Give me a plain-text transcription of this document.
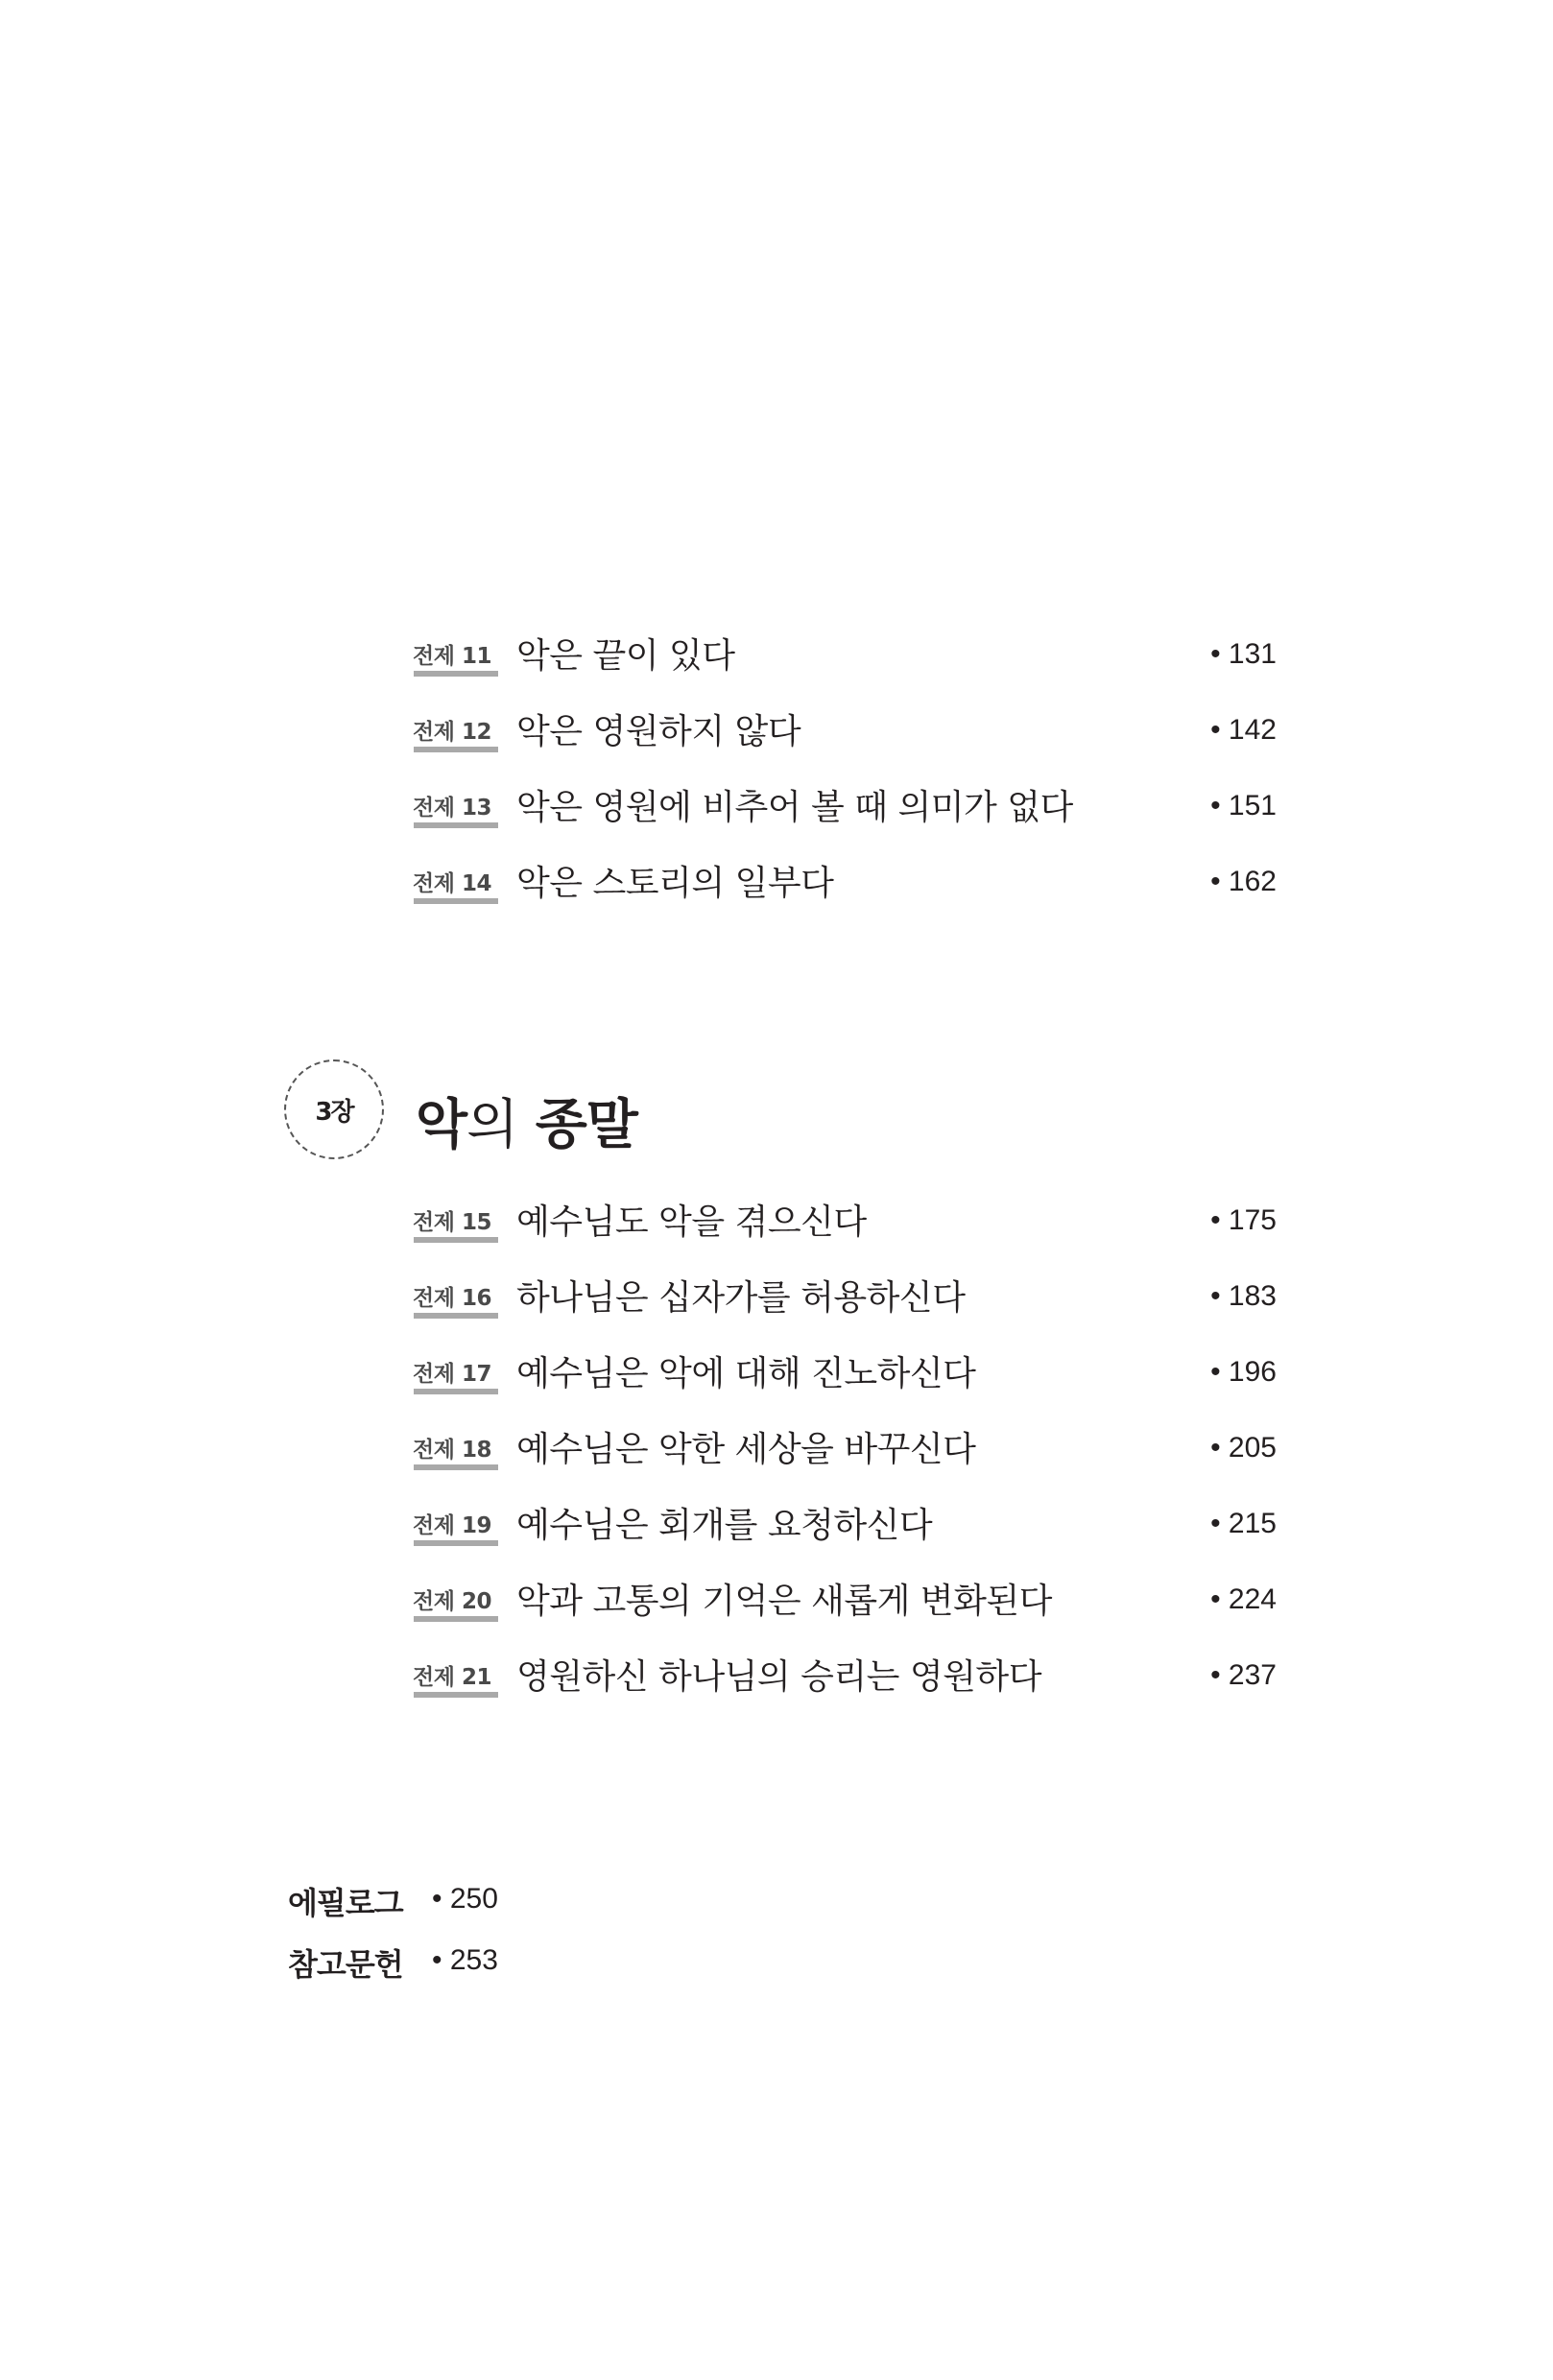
전제 11 악은 끝이 있다	• 131
전제 12 악은 영원하지 않다	• 142
전제 13 악은 영원에 비추어 볼 때 의미가 없다	• 151
전제 14 악은 스토리의 일부다	• 162
3장 악의 종말
전제 15 예수님도 악을 겪으신다	• 175
전제 16 하나님은 십자가를 허용하신다	• 183
전제 17 예수님은 악에 대해 진노하신다	• 196
전제 18 예수님은 악한 세상을 바꾸신다	• 205
전제 19 예수님은 회개를 요청하신다	• 215
전제 20 악과 고통의 기억은 새롭게 변화된다	• 224
전제 21 영원하신 하나님의 승리는 영원하다	• 237
에필로그 • 250
참고문헌 • 253
